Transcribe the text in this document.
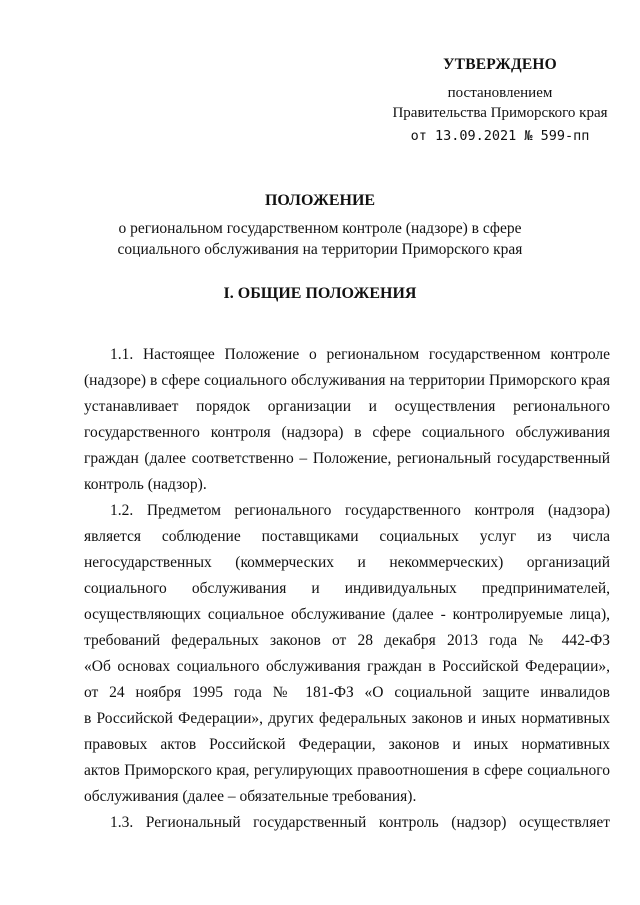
УТВЕРЖДЕНО
постановлением
Правительства Приморского края
от 13.09.2021 № 599-пп
ПОЛОЖЕНИЕ
о региональном государственном контроле (надзоре) в сфере
социального обслуживания на территории Приморского края
I. ОБЩИЕ ПОЛОЖЕНИЯ
1.1. Настоящее Положение о региональном государственном контроле
(надзоре) в сфере социального обслуживания на территории Приморского края
устанавливает порядок организации и осуществления регионального
государственного контроля (надзора) в сфере социального обслуживания
граждан (далее соответственно – Положение, региональный государственный
контроль (надзор).
1.2. Предметом регионального государственного контроля (надзора)
является соблюдение поставщиками социальных услуг из числа
негосударственных (коммерческих и некоммерческих) организаций
социального обслуживания и индивидуальных предпринимателей,
осуществляющих социальное обслуживание (далее - контролируемые лица),
требований федеральных законов от 28 декабря 2013 года № 442-ФЗ
«Об основах социального обслуживания граждан в Российской Федерации»,
от 24 ноября 1995 года № 181-ФЗ «О социальной защите инвалидов
в Российской Федерации», других федеральных законов и иных нормативных
правовых актов Российской Федерации, законов и иных нормативных
актов Приморского края, регулирующих правоотношения в сфере социального
обслуживания (далее – обязательные требования).
1.3. Региональный государственный контроль (надзор) осуществляет
